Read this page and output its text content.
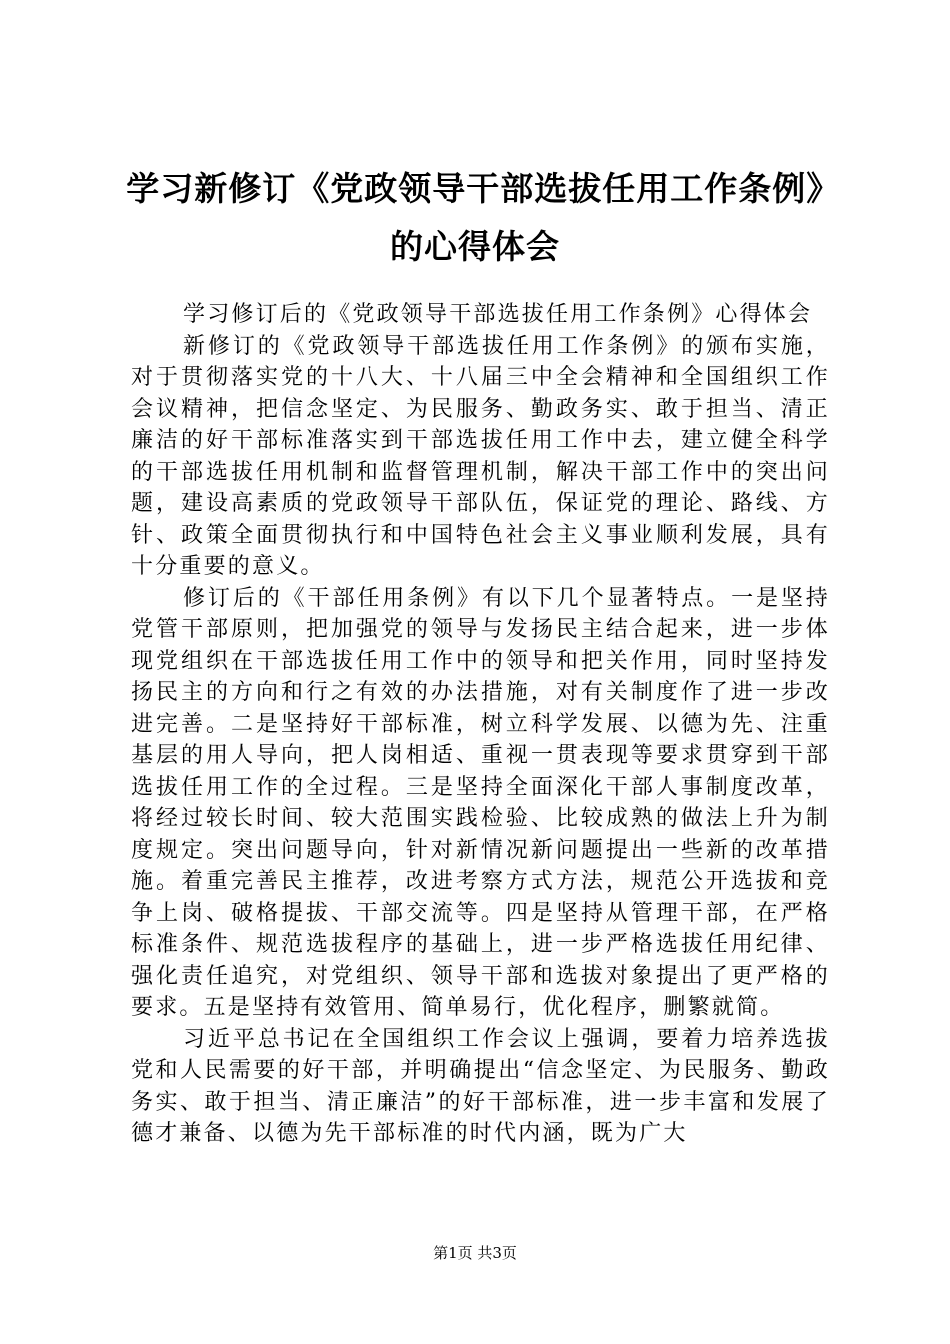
学习新修订《党政领导干部选拔任用工作条例》的心得体会

学习修订后的《党政领导干部选拔任用工作条例》心得体会

新修订的《党政领导干部选拔任用工作条例》的颁布实施，对于贯彻落实党的十八大、十八届三中全会精神和全国组织工作会议精神，把信念坚定、为民服务、勤政务实、敢于担当、清正廉洁的好干部标准落实到干部选拔任用工作中去，建立健全科学的干部选拔任用机制和监督管理机制，解决干部工作中的突出问题，建设高素质的党政领导干部队伍，保证党的理论、路线、方针、政策全面贯彻执行和中国特色社会主义事业顺利发展，具有十分重要的意义。

修订后的《干部任用条例》有以下几个显著特点。一是坚持党管干部原则，把加强党的领导与发扬民主结合起来，进一步体现党组织在干部选拔任用工作中的领导和把关作用，同时坚持发扬民主的方向和行之有效的办法措施，对有关制度作了进一步改进完善。二是坚持好干部标准，树立科学发展、以德为先、注重基层的用人导向，把人岗相适、重视一贯表现等要求贯穿到干部选拔任用工作的全过程。三是坚持全面深化干部人事制度改革，将经过较长时间、较大范围实践检验、比较成熟的做法上升为制度规定。突出问题导向，针对新情况新问题提出一些新的改革措施。着重完善民主推荐，改进考察方式方法，规范公开选拔和竞争上岗、破格提拔、干部交流等。四是坚持从管理干部，在严格标准条件、规范选拔程序的基础上，进一步严格选拔任用纪律、强化责任追究，对党组织、领导干部和选拔对象提出了更严格的要求。五是坚持有效管用、简单易行，优化程序，删繁就简。

习近平总书记在全国组织工作会议上强调，要着力培养选拔党和人民需要的好干部，并明确提出“信念坚定、为民服务、勤政务实、敢于担当、清正廉洁”的好干部标准，进一步丰富和发展了德才兼备、以德为先干部标准的时代内涵，既为广大

第1页 共3页
